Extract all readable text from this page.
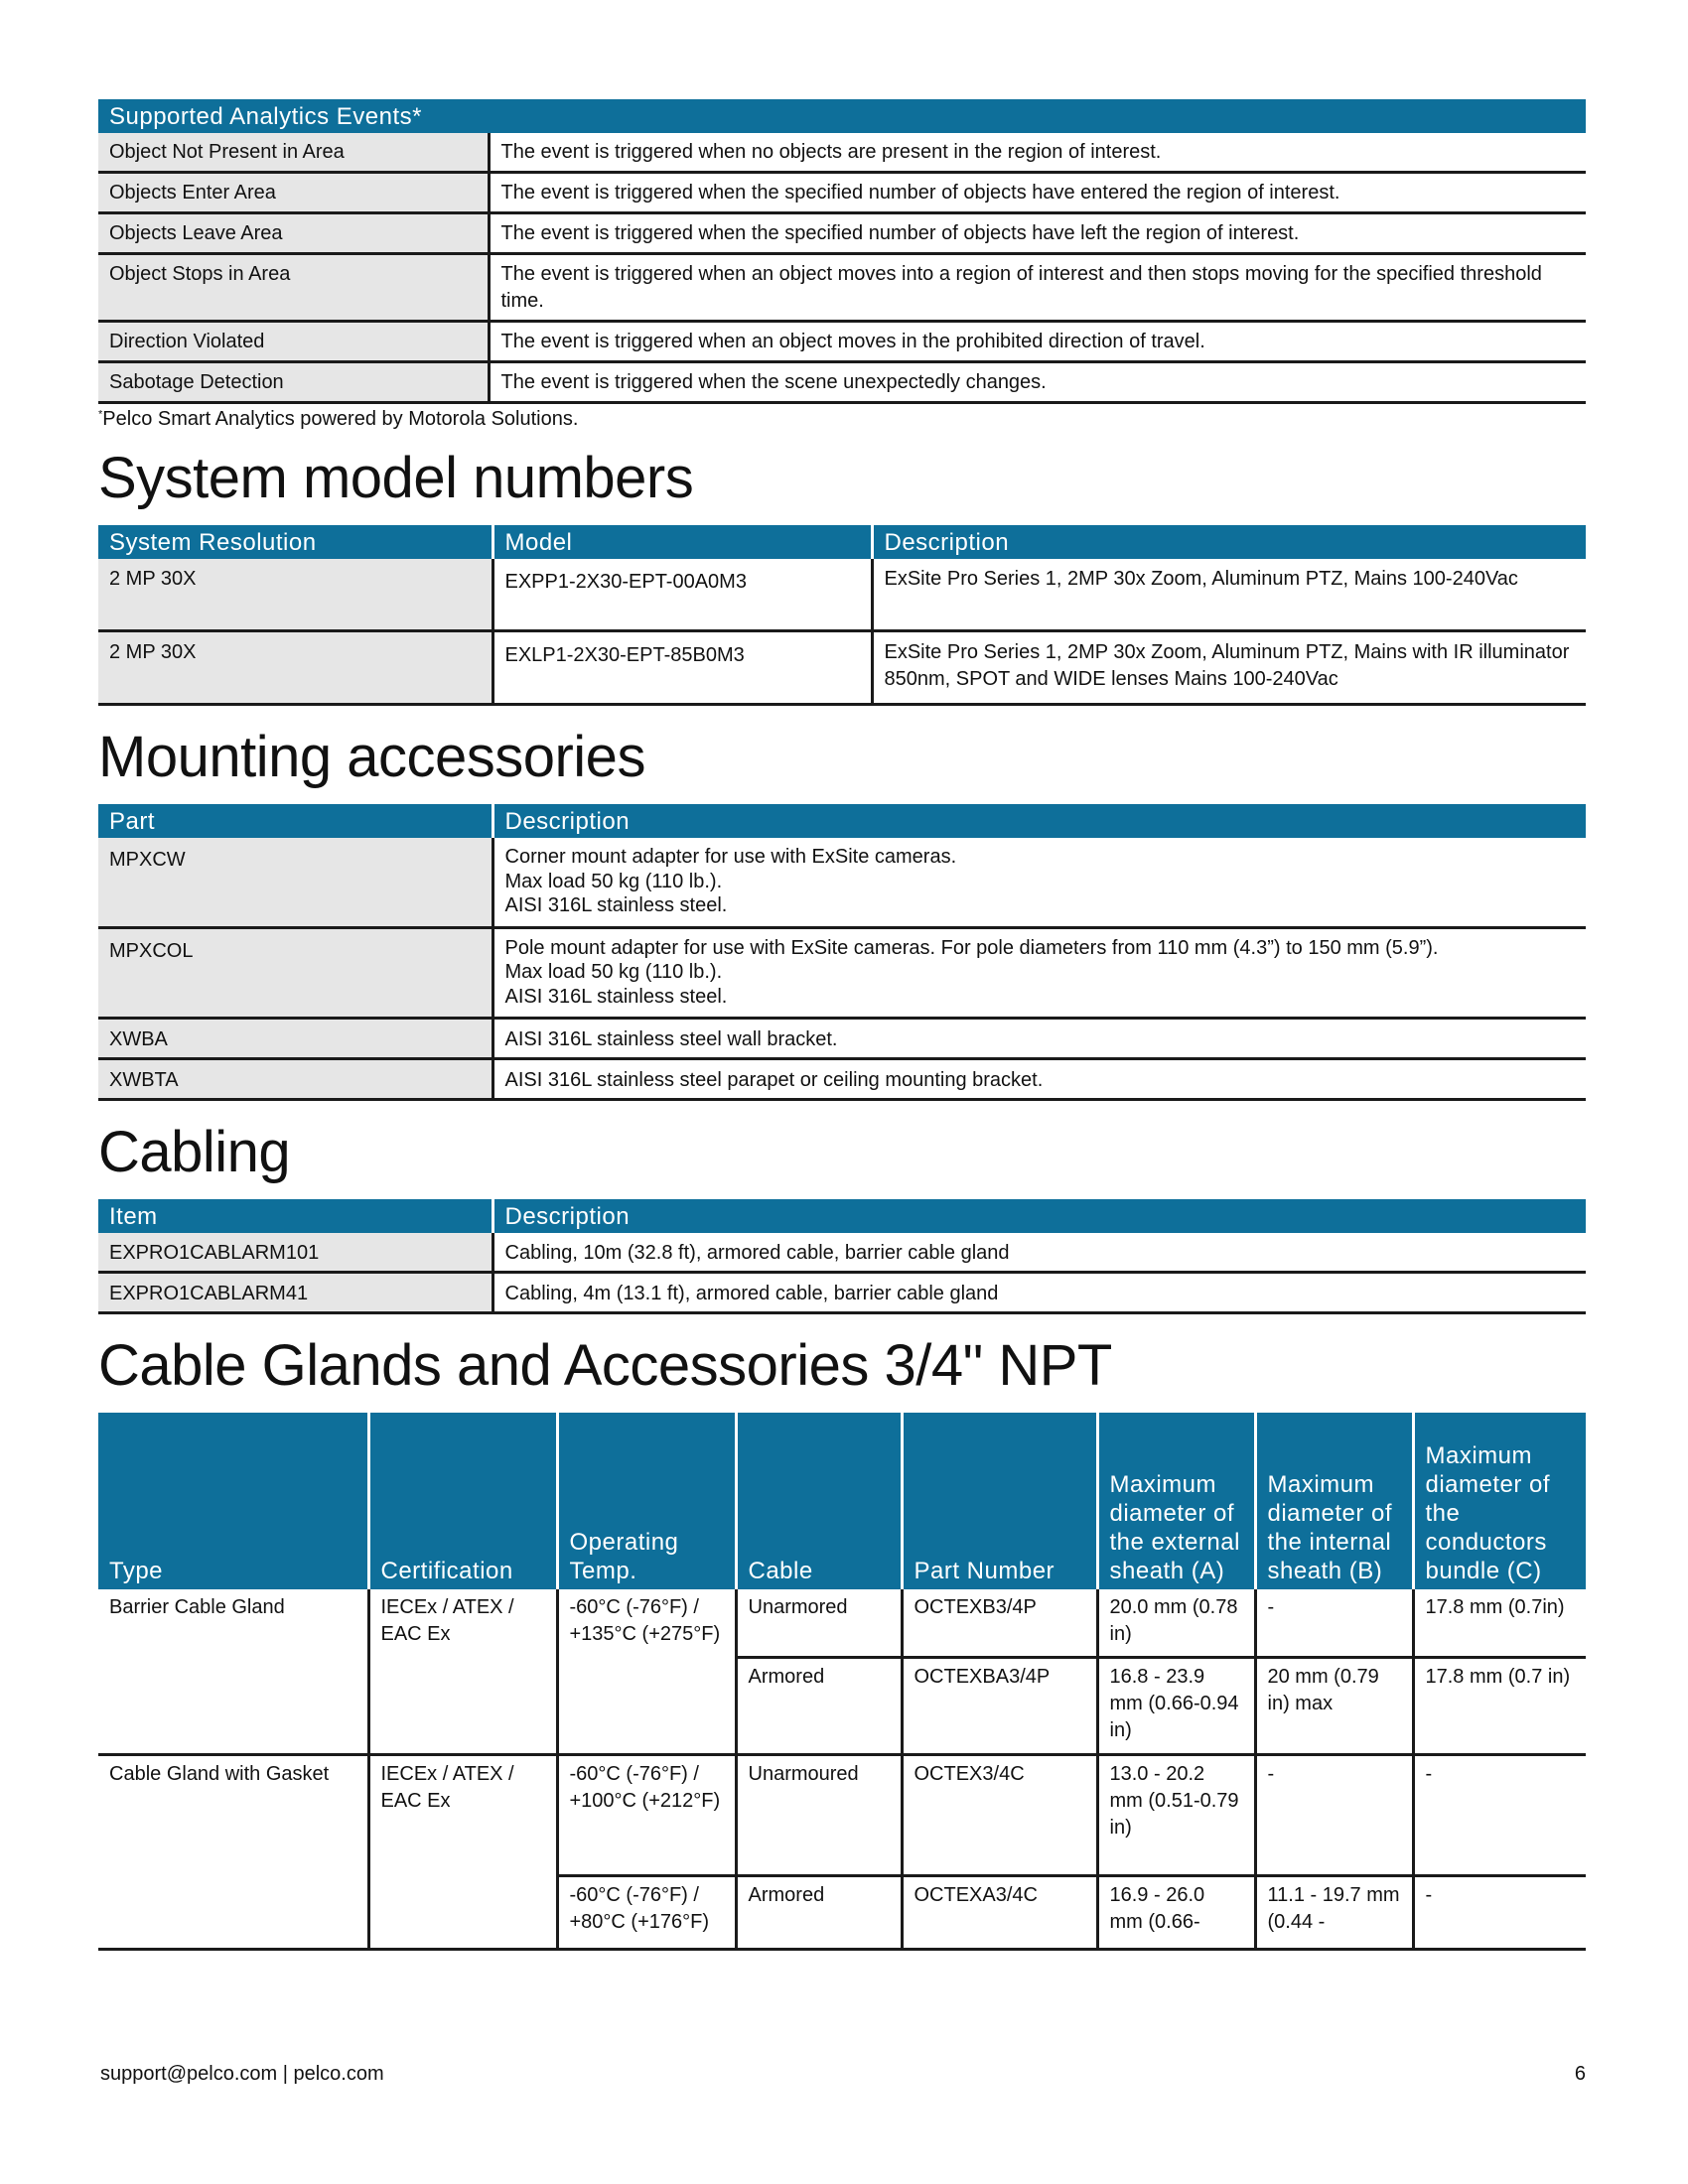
Supported Analytics Events*	
Object Not Present in Area	The event is triggered when no objects are present in the region of interest.
Objects Enter Area	The event is triggered when the specified number of objects have entered the region of interest.
Objects Leave Area	The event is triggered when the specified number of objects have left the region of interest.
Object Stops in Area	The event is triggered when an object moves into a region of interest and then stops moving for the specified threshold time.
Direction Violated	The event is triggered when an object moves in the prohibited direction of travel.
Sabotage Detection	The event is triggered when the scene unexpectedly changes.
*Pelco Smart Analytics powered by Motorola Solutions.
System model numbers
System Resolution	Model	Description
2 MP 30X	EXPP1-2X30-EPT-00A0M3	ExSite Pro Series 1, 2MP 30x Zoom, Aluminum PTZ, Mains 100-240Vac
2 MP 30X	EXLP1-2X30-EPT-85B0M3	ExSite Pro Series 1, 2MP 30x Zoom, Aluminum PTZ, Mains with IR illuminator 850nm, SPOT and WIDE lenses Mains 100-240Vac
Mounting accessories
Part	Description
MPXCW	Corner mount adapter for use with ExSite cameras.
Max load 50 kg (110 lb.).
AISI 316L stainless steel.

MPXCOL	Pole mount adapter for use with ExSite cameras. For pole diameters from 110 mm (4.3”) to 150 mm (5.9”).
Max load 50 kg (110 lb.).
AISI 316L stainless steel.

XWBA	AISI 316L stainless steel wall bracket.
XWBTA	AISI 316L stainless steel parapet or ceiling mounting bracket.
Cabling
Item	Description
EXPRO1CABLARM101	Cabling, 10m (32.8 ft), armored cable, barrier cable gland
EXPRO1CABLARM41	Cabling, 4m (13.1 ft), armored cable, barrier cable gland
Cable Glands and Accessories 3/4" NPT
Type	Certification	Operating Temp.	Cable	Part Number	Maximum diameter of the external sheath (A)	Maximum diameter of the internal sheath (B)	Maximum diameter of the conductors bundle (C)
Barrier Cable Gland	IECEx / ATEX / EAC Ex	-60°C (-76°F) / +135°C (+275°F)	Unarmored	OCTEXB3/4P	20.0 mm (0.78 in)	-	17.8 mm (0.7in)
			Armored	OCTEXBA3/4P	16.8 - 23.9 mm (0.66-0.94 in)	20 mm (0.79 in) max	17.8 mm (0.7 in)
Cable Gland with Gasket	IECEx / ATEX / EAC Ex	-60°C (-76°F) / +100°C (+212°F)	Unarmoured	OCTEX3/4C	13.0 - 20.2 mm (0.51-0.79 in)	-	-
		-60°C (-76°F) / +80°C (+176°F)	Armored	OCTEXA3/4C	16.9 - 26.0 mm (0.66-	11.1 - 19.7 mm (0.44 -	-
support@pelco.com | pelco.com	6
